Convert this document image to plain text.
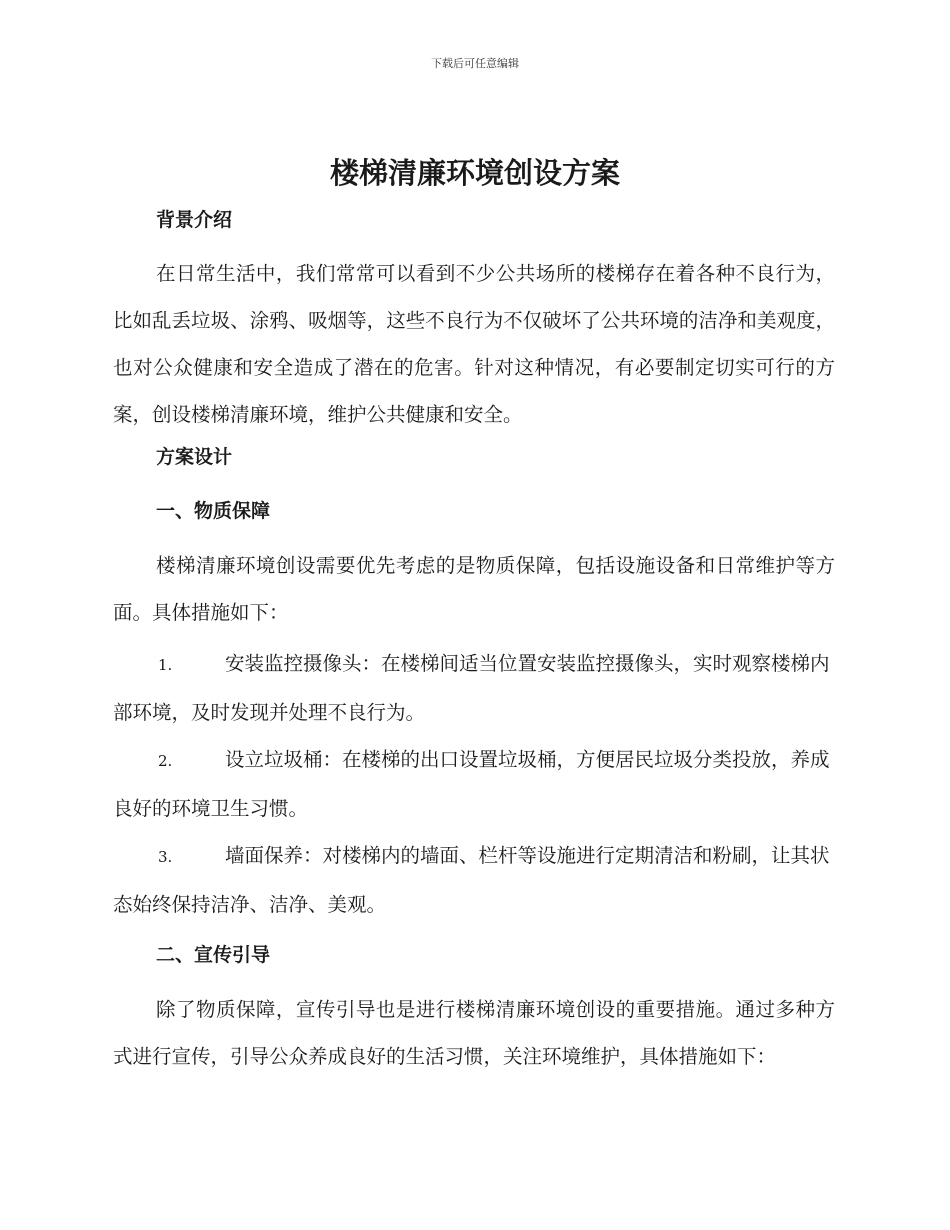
下载后可任意编辑
楼梯清廉环境创设方案
背景介绍

在日常生活中，我们常常可以看到不少公共场所的楼梯存在着各种不良行为，比如乱丢垃圾、涂鸦、吸烟等，这些不良行为不仅破坏了公共环境的洁净和美观度，也对公众健康和安全造成了潜在的危害。针对这种情况，有必要制定切实可行的方案，创设楼梯清廉环境，维护公共健康和安全。

方案设计
一、物质保障

楼梯清廉环境创设需要优先考虑的是物质保障，包括设施设备和日常维护等方面。具体措施如下：

1.	安装监控摄像头：在楼梯间适当位置安装监控摄像头，实时观察楼梯内部环境，及时发现并处理不良行为。

2.	设立垃圾桶：在楼梯的出口设置垃圾桶，方便居民垃圾分类投放，养成良好的环境卫生习惯。

3.	墙面保养：对楼梯内的墙面、栏杆等设施进行定期清洁和粉刷，让其状态始终保持洁净、洁净、美观。

二、宣传引导

除了物质保障，宣传引导也是进行楼梯清廉环境创设的重要措施。通过多种方式进行宣传，引导公众养成良好的生活习惯，关注环境维护，具体措施如下：
